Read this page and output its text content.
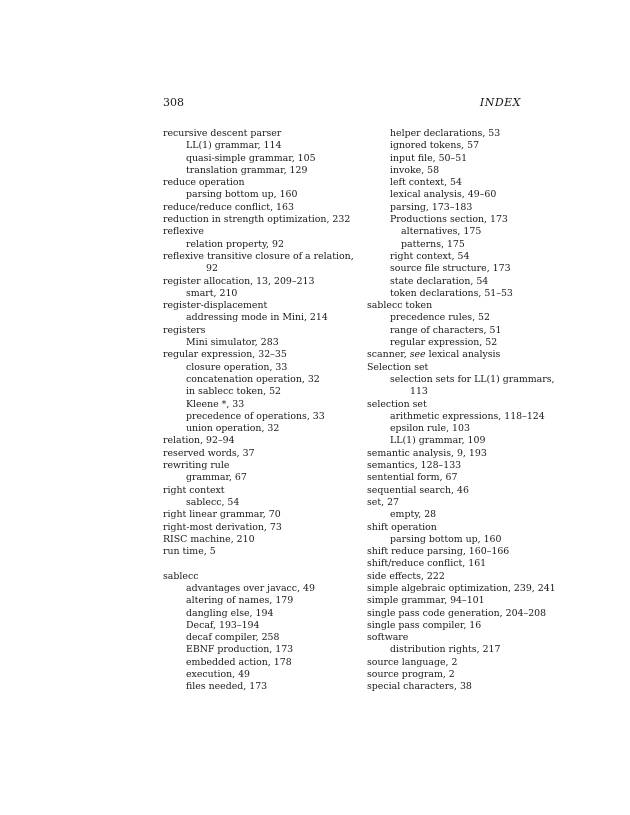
308	INDEX
recursive descent parser
LL(1) grammar, 114
quasi-simple grammar, 105
translation grammar, 129
reduce operation
parsing bottom up, 160
reduce/reduce conflict, 163
reduction in strength optimization, 232
reflexive
relation property, 92
reflexive transitive closure of a relation,
92
register allocation, 13, 209–213
smart, 210
register-displacement
addressing mode in Mini, 214
registers
Mini simulator, 283
regular expression, 32–35
closure operation, 33
concatenation operation, 32
in sablecc token, 52
Kleene *, 33
precedence of operations, 33
union operation, 32
relation, 92–94
reserved words, 37
rewriting rule
grammar, 67
right context
sablecc, 54
right linear grammar, 70
right-most derivation, 73
RISC machine, 210
run time, 5
sablecc
advantages over javacc, 49
altering of names, 179
dangling else, 194
Decaf, 193–194
decaf compiler, 258
EBNF production, 173
embedded action, 178
execution, 49
files needed, 173
helper declarations, 53
ignored tokens, 57
input file, 50–51
invoke, 58
left context, 54
lexical analysis, 49–60
parsing, 173–183
Productions section, 173
alternatives, 175
patterns, 175
right context, 54
source file structure, 173
state declaration, 54
token declarations, 51–53
sablecc token
precedence rules, 52
range of characters, 51
regular expression, 52
scanner, see lexical analysis
Selection set
selection sets for LL(1) grammars,
113
selection set
arithmetic expressions, 118–124
epsilon rule, 103
LL(1) grammar, 109
semantic analysis, 9, 193
semantics, 128–133
sentential form, 67
sequential search, 46
set, 27
empty, 28
shift operation
parsing bottom up, 160
shift reduce parsing, 160–166
shift/reduce conflict, 161
side effects, 222
simple algebraic optimization, 239, 241
simple grammar, 94–101
single pass code generation, 204–208
single pass compiler, 16
software
distribution rights, 217
source language, 2
source program, 2
special characters, 38
